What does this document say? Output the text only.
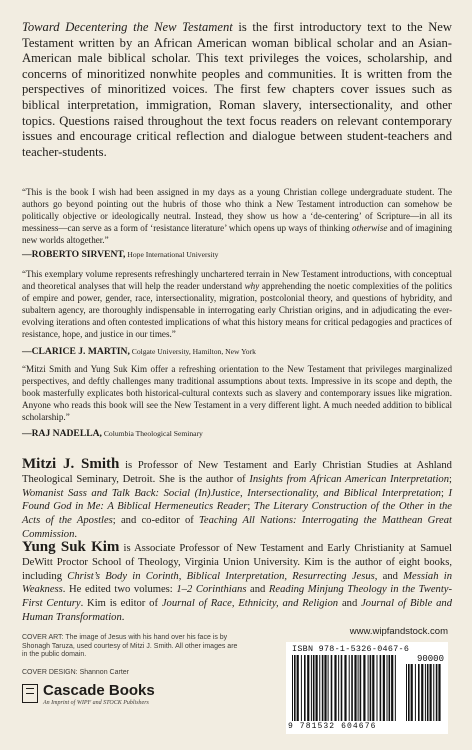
Toward Decentering the New Testament is the first introductory text to the New Testament written by an African American woman biblical scholar and an Asian-American male biblical scholar. This text privileges the voices, scholarship, and concerns of minoritized nonwhite peoples and communities. It is written from the perspectives of minoritized voices. The first few chapters cover issues such as biblical interpretation, immigration, Roman slavery, intersectionality, and other topics. Questions raised throughout the text focus readers on relevant contemporary issues and encourage critical reflection and dialogue between student-teachers and teacher-students.

“This is the book I wish had been assigned in my days as a young Christian college undergraduate student. The authors go beyond pointing out the hubris of those who think a New Testament introduction can somehow be politically objective or ideologically neutral. Instead, they show us how a ‘de-centering’ of Scripture—in all its messiness—can serve as a form of ‘resistance literature’ which opens up ways of thinking otherwise and of imagining new worlds altogether.”

—ROBERTO SIRVENT, Hope International University

“This exemplary volume represents refreshingly unchartered terrain in New Testament introductions, with conceptual and theoretical analyses that will help the reader understand why apprehending the noetic complexities of the politics of empire and power, gender, race, intersectionality, migration, postcolonial theory, and questions of hybridity, and subaltern agency, are thoroughly indispensable in interrogating early Christian origins, and in adjudicating the ever-evolving iterations and often contested implications of what this history means for critical pedagogies and practices of resistance, hope, and justice in our times.”

—CLARICE J. MARTIN, Colgate University, Hamilton, New York

“Mitzi Smith and Yung Suk Kim offer a refreshing orientation to the New Testament that privileges marginalized perspectives, and deftly challenges many traditional assumptions about texts. Impressive in its scope and depth, the book masterfully explicates both historical-cultural contexts such as slavery and contemporary issues like migration. Anyone who reads this book will see the New Testament in a very different light. A much needed addition to biblical scholarship.”

—RAJ NADELLA, Columbia Theological Seminary

Mitzi J. Smith is Professor of New Testament and Early Christian Studies at Ashland Theological Seminary, Detroit. She is the author of Insights from African American Interpretation; Womanist Sass and Talk Back: Social (In)Justice, Intersectionality, and Biblical Interpretation; I Found God in Me: A Biblical Hermeneutics Reader; The Literary Construction of the Other in the Acts of the Apostles; and co-editor of Teaching All Nations: Interrogating the Matthean Great Commission.

Yung Suk Kim is Associate Professor of New Testament and Early Christianity at Samuel DeWitt Proctor School of Theology, Virginia Union University. Kim is the author of eight books, including Christ’s Body in Corinth, Biblical Interpretation, Resurrecting Jesus, and Messiah in Weakness. He edited two volumes: 1–2 Corinthians and Reading Minjung Theology in the Twenty-First Century. Kim is editor of Journal of Race, Ethnicity, and Religion and Journal of Bible and Human Transformation.

COVER ART: The image of Jesus with his hand over his face is by Shonagh Taruza, used courtesy of Mitzi J. Smith. All other images are in the public domain.

COVER DESIGN: Shannon Carter

Cascade Books
An Imprint of WIPF and STOCK Publishers

www.wipfandstock.com

ISBN 978-1-5326-0467-6
90000
9 781532 604676
